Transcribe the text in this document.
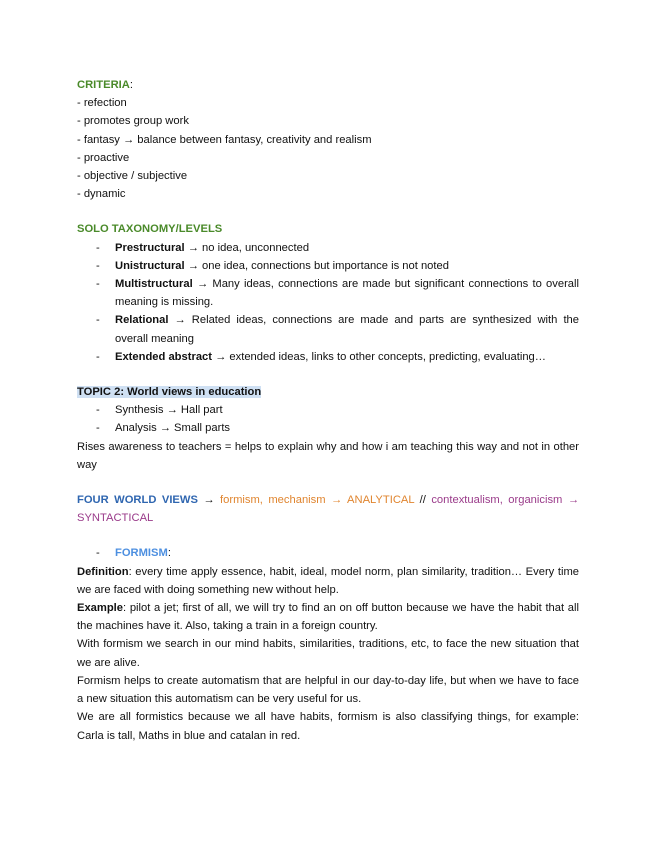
CRITERIA:
- refection
- promotes group work
- fantasy → balance between fantasy, creativity and realism
- proactive
- objective / subjective
- dynamic
SOLO TAXONOMY/LEVELS
- Prestructural → no idea, unconnected
- Unistructural → one idea, connections but importance is not noted
- Multistructural → Many ideas, connections are made but significant connections to overall meaning is missing.
- Relational → Related ideas, connections are made and parts are synthesized with the overall meaning
- Extended abstract → extended ideas, links to other concepts, predicting, evaluating…
TOPIC 2: World views in education
- Synthesis → Hall part
- Analysis → Small parts
Rises awareness to teachers = helps to explain why and how i am teaching this way and not in other way
FOUR WORLD VIEWS → formism, mechanism → ANALYTICAL // contextualism, organicism → SYNTACTICAL
- FORMISM:
Definition: every time apply essence, habit, ideal, model norm, plan similarity, tradition… Every time we are faced with doing something new without help.
Example: pilot a jet; first of all, we will try to find an on off button because we have the habit that all the machines have it. Also, taking a train in a foreign country.
With formism we search in our mind habits, similarities, traditions, etc, to face the new situation that we are alive.
Formism helps to create automatism that are helpful in our day-to-day life, but when we have to face a new situation this automatism can be very useful for us.
We are all formistics because we all have habits, formism is also classifying things, for example: Carla is tall, Maths in blue and catalan in red.
